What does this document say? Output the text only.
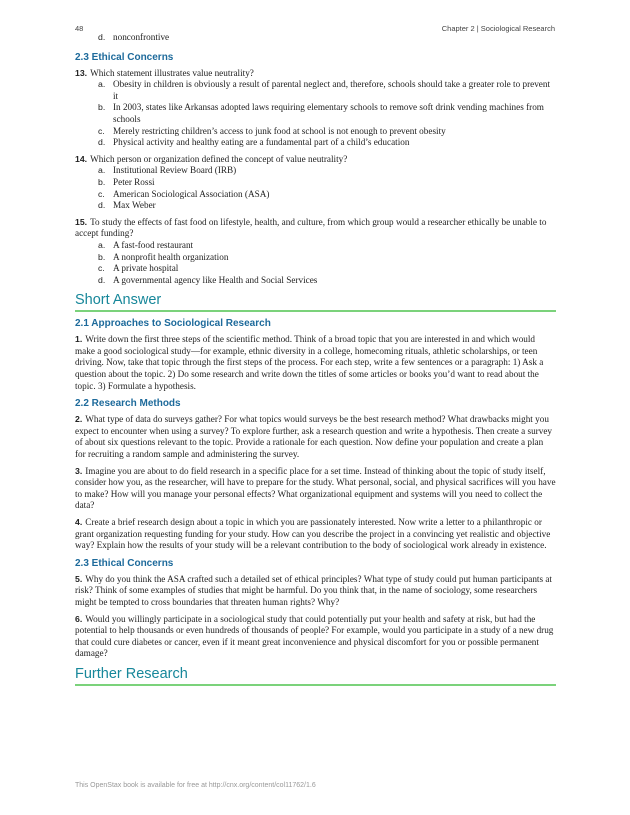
48	Chapter 2 | Sociological Research
d. nonconfrontive
2.3 Ethical Concerns
13. Which statement illustrates value neutrality?
a. Obesity in children is obviously a result of parental neglect and, therefore, schools should take a greater role to prevent it
b. In 2003, states like Arkansas adopted laws requiring elementary schools to remove soft drink vending machines from schools
c. Merely restricting children’s access to junk food at school is not enough to prevent obesity
d. Physical activity and healthy eating are a fundamental part of a child’s education
14. Which person or organization defined the concept of value neutrality?
a. Institutional Review Board (IRB)
b. Peter Rossi
c. American Sociological Association (ASA)
d. Max Weber
15. To study the effects of fast food on lifestyle, health, and culture, from which group would a researcher ethically be unable to accept funding?
a. A fast-food restaurant
b. A nonprofit health organization
c. A private hospital
d. A governmental agency like Health and Social Services
Short Answer
2.1 Approaches to Sociological Research
1. Write down the first three steps of the scientific method. Think of a broad topic that you are interested in and which would make a good sociological study—for example, ethnic diversity in a college, homecoming rituals, athletic scholarships, or teen driving. Now, take that topic through the first steps of the process. For each step, write a few sentences or a paragraph: 1) Ask a question about the topic. 2) Do some research and write down the titles of some articles or books you’d want to read about the topic. 3) Formulate a hypothesis.
2.2 Research Methods
2. What type of data do surveys gather? For what topics would surveys be the best research method? What drawbacks might you expect to encounter when using a survey? To explore further, ask a research question and write a hypothesis. Then create a survey of about six questions relevant to the topic. Provide a rationale for each question. Now define your population and create a plan for recruiting a random sample and administering the survey.
3. Imagine you are about to do field research in a specific place for a set time. Instead of thinking about the topic of study itself, consider how you, as the researcher, will have to prepare for the study. What personal, social, and physical sacrifices will you have to make? How will you manage your personal effects? What organizational equipment and systems will you need to collect the data?
4. Create a brief research design about a topic in which you are passionately interested. Now write a letter to a philanthropic or grant organization requesting funding for your study. How can you describe the project in a convincing yet realistic and objective way? Explain how the results of your study will be a relevant contribution to the body of sociological work already in existence.
2.3 Ethical Concerns
5. Why do you think the ASA crafted such a detailed set of ethical principles? What type of study could put human participants at risk? Think of some examples of studies that might be harmful. Do you think that, in the name of sociology, some researchers might be tempted to cross boundaries that threaten human rights? Why?
6. Would you willingly participate in a sociological study that could potentially put your health and safety at risk, but had the potential to help thousands or even hundreds of thousands of people? For example, would you participate in a study of a new drug that could cure diabetes or cancer, even if it meant great inconvenience and physical discomfort for you or possible permanent damage?
Further Research
This OpenStax book is available for free at http://cnx.org/content/col11762/1.6
